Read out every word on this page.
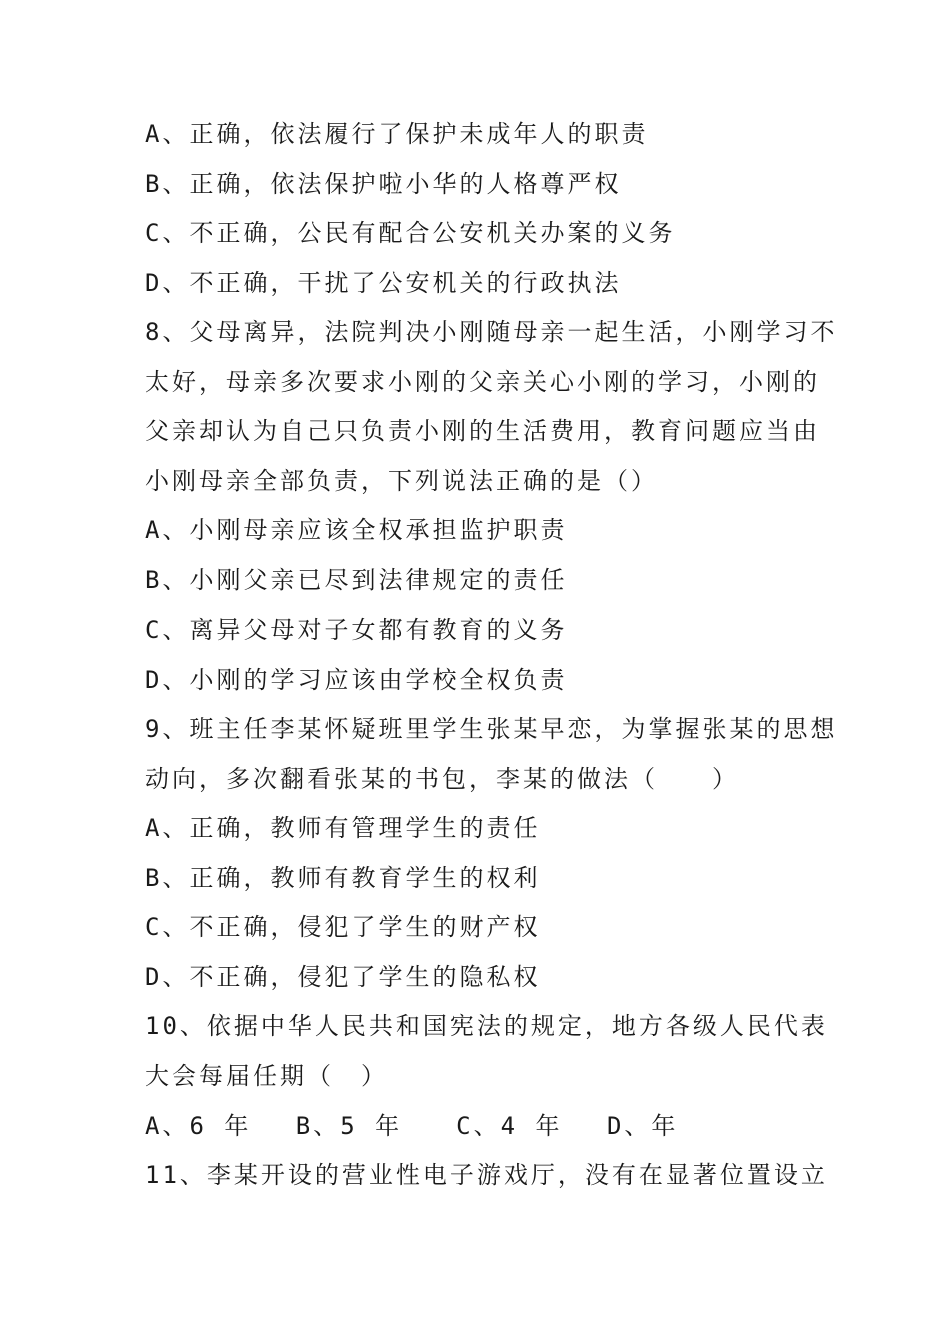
A、正确，依法履行了保护未成年人的职责
B、正确，依法保护啦小华的人格尊严权
C、不正确，公民有配合公安机关办案的义务
D、不正确，干扰了公安机关的行政执法
8、父母离异，法院判决小刚随母亲一起生活，小刚学习不
太好，母亲多次要求小刚的父亲关心小刚的学习，小刚的
父亲却认为自己只负责小刚的生活费用，教育问题应当由
小刚母亲全部负责，下列说法正确的是（）
A、小刚母亲应该全权承担监护职责
B、小刚父亲已尽到法律规定的责任
C、离异父母对子女都有教育的义务
D、小刚的学习应该由学校全权负责
9、班主任李某怀疑班里学生张某早恋，为掌握张某的思想
动向，多次翻看张某的书包，李某的做法（　　）
A、正确，教师有管理学生的责任
B、正确，教师有教育学生的权利
C、不正确，侵犯了学生的财产权
D、不正确，侵犯了学生的隐私权
10、依据中华人民共和国宪法的规定，地方各级人民代表
大会每届任期（　）
A、6 年　 B、5 年　　C、4 年　 D、年
11、李某开设的营业性电子游戏厅，没有在显著位置设立
